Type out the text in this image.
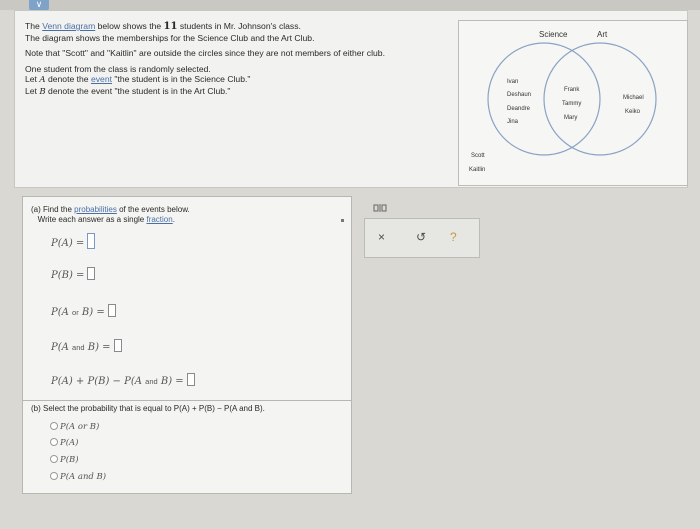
∨

The Venn diagram below shows the 11 students in Mr. Johnson's class.
The diagram shows the memberships for the Science Club and the Art Club.

Note that "Scott" and "Kaitlin" are outside the circles since they are not members of either club.

One student from the class is randomly selected.
Let A denote the event "the student is in the Science Club."
Let B denote the event "the student is in the Art Club."

Science	Art
Ivan
Deshaun
Deandre
Jina
Frank
Tammy
Mary
Michael
Keiko
Scott
Kaitlin
(a) Find the probabilities of the events below.
Write each answer as a single fraction.
P(A) =
P(B) =
P(A or B) =
P(A and B) =
P(A) + P(B) − P(A and B) =
(b) Select the probability that is equal to P(A) + P(B) − P(A and B).
P(A or B)
P(A)
P(B)
P(A and B)
×	↺ ?
